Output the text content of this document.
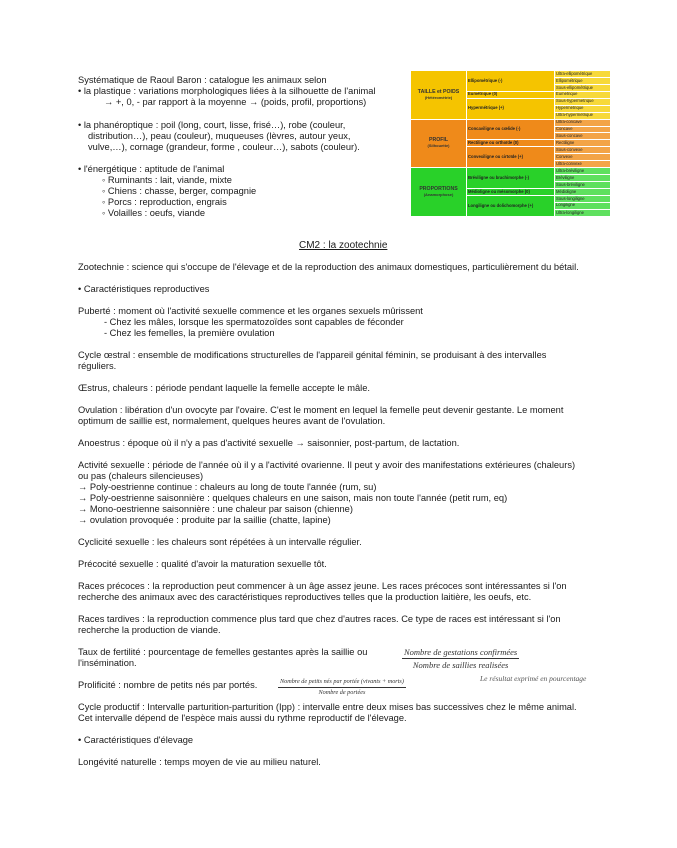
Systématique de Raoul Baron : catalogue les animaux selon
• la plastique : variations morphologiques liées à la silhouette de l'animal
→ +, 0, - par rapport à la moyenne → (poids, profil, proportions)
• la phanéroptique : poil (long, court, lisse, frisé…), robe (couleur,
distribution…), peau (couleur), muqueuses (lèvres, autour yeux,
vulve,…), cornage (grandeur, forme , couleur…), sabots (couleur).
• l'énergétique : aptitude de l'animal
◦ Ruminants : lait, viande, mixte
◦ Chiens : chasse, berger, compagnie
◦ Porcs : reproduction, engrais
◦ Volailles : oeufs, viande
TAILLE et POIDS
(Hétérométrie)	Ellipométrique (-)	Ultra-ellipométrique
		Ellipométrique
		Sous-ellipométrique
	Eumétrique (0)	Eumétrique
	Hypermétrique (+)	Sous-hypermétrique
		Hypermétrique
		Ultra-hypermétrique

PROFIL
(Silhouette)	Concaviligne ou cœlide (-)	Ultra-concave
		Concave
		Sous-concave
	Rectiligne ou orthoïde (0)	Rectiligne
	Convexiligne ou cirtoïde (+)	Sous-convexe
		Convexe
		Ultra-convexe

PROPORTIONS
(Anamorphose)	Bréviligne ou brachimorphe (-)	Ultra-bréviligne
		Bréviligne
		Sous-bréviligne
	Médioligne ou mésomorphe (0)	Médioligne
	Longiligne ou dolichomorphe (+)	Sous-longiligne
		Longiligne
		Ultra-longiligne
CM2 : la zootechnie
Zootechnie : science qui s'occupe de l'élevage et de la reproduction des animaux domestiques, particulièrement du bétail.
• Caractéristiques reproductives
Puberté : moment où l'activité sexuelle commence et les organes sexuels mûrissent
- Chez les mâles, lorsque les spermatozoïdes sont capables de féconder
- Chez les femelles, la première ovulation
Cycle œstral : ensemble de modifications structurelles de l'appareil génital féminin, se produisant à des intervalles
réguliers.
Œstrus, chaleurs : période pendant laquelle la femelle accepte le mâle.
Ovulation : libération d'un ovocyte par l'ovaire. C'est le moment en lequel la femelle peut devenir gestante. Le moment
optimum de saillie est, normalement, quelques heures avant de l'ovulation.
Anoestrus : époque où il n'y a pas d'activité sexuelle → saisonnier, post-partum, de lactation.
Activité sexuelle : période de l'année où il y a l'activité ovarienne. Il peut y avoir des manifestations extérieures (chaleurs)
ou pas (chaleurs silencieuses)
→ Poly-oestrienne continue : chaleurs au long de toute l'année (rum, su)
→ Poly-oestrienne saisonnière : quelques chaleurs en une saison, mais non toute l'année (petit rum, eq)
→ Mono-oestrienne saisonnière : une chaleur par saison (chienne)
→ ovulation provoquée : produite par la saillie (chatte, lapine)
Cyclicité sexuelle : les chaleurs sont répétées à un intervalle régulier.
Précocité sexuelle : qualité d'avoir la maturation sexuelle tôt.
Races précoces : la reproduction peut commencer à un âge assez jeune. Les races précoces sont intéressantes si l'on
recherche des animaux avec des caractéristiques reproductives telles que la production laitière, les oeufs, etc.
Races tardives : la reproduction commence plus tard que chez d'autres races. Ce type de races est intéressant si l'on
recherche la production de viande.
Taux de fertilité : pourcentage de femelles gestantes après la saillie ou
l'insémination.
Nombre de gestations confirmées
Nombre de saillies realisées
Le résultat exprimé en pourcentage
Prolificité : nombre de petits nés par portés.	Nombre de petits nés par portée (vivants + morts)
Nombre de portées
Cycle productif : Intervalle parturition-parturition (Ipp) : intervalle entre deux mises bas successives chez le même animal.
Cet intervalle dépend de l'espèce mais aussi du rythme reproductif de l'élevage.
• Caractéristiques d'élevage
Longévité naturelle : temps moyen de vie au milieu naturel.
